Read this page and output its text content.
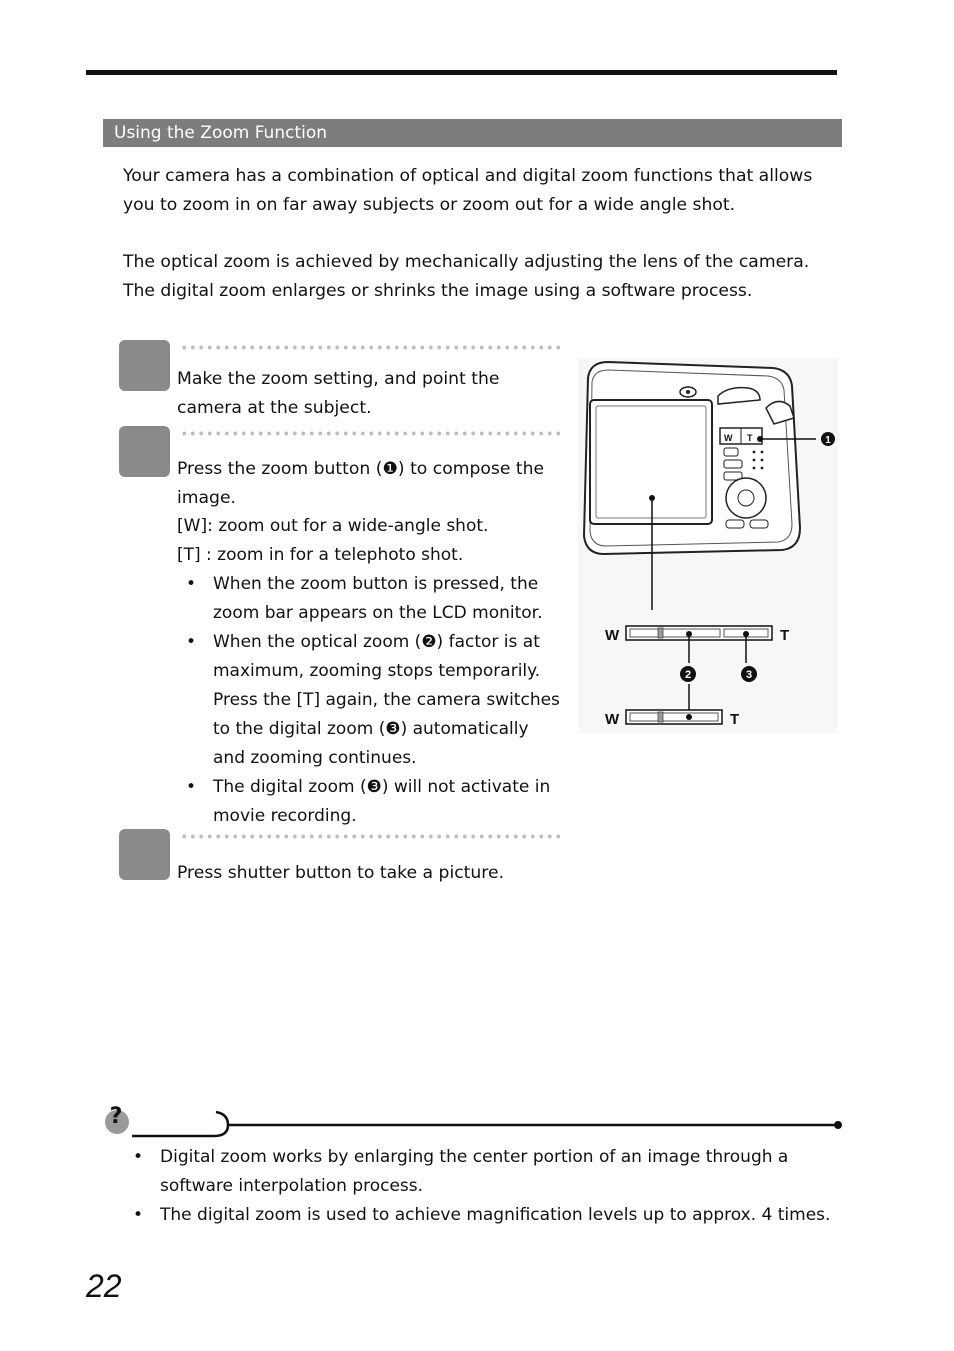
Using the Zoom Function

Your camera has a combination of optical and digital zoom functions that allows you to zoom in on far away subjects or zoom out for a wide angle shot.

The optical zoom is achieved by mechanically adjusting the lens of the camera. The digital zoom enlarges or shrinks the image using a software process.

Make the zoom setting, and point the camera at the subject.

Press the zoom button (❶) to compose the image.

[W]: zoom out for a wide-angle shot.

[T] : zoom in for a telephoto shot.

• When the zoom button is pressed, the zoom bar appears on the LCD monitor.
• When the optical zoom (❷) factor is at maximum, zooming stops temporarily. Press the [T] again, the camera switches to the digital zoom (❸) automatically and zooming continues.
• The digital zoom (❸) will not activate in movie recording.

Press shutter button to take a picture.

W T	1
W	T
2	3
W	T
?
• Digital zoom works by enlarging the center portion of an image through a software interpolation process.
• The digital zoom is used to achieve magnification levels up to approx. 4 times.
22
